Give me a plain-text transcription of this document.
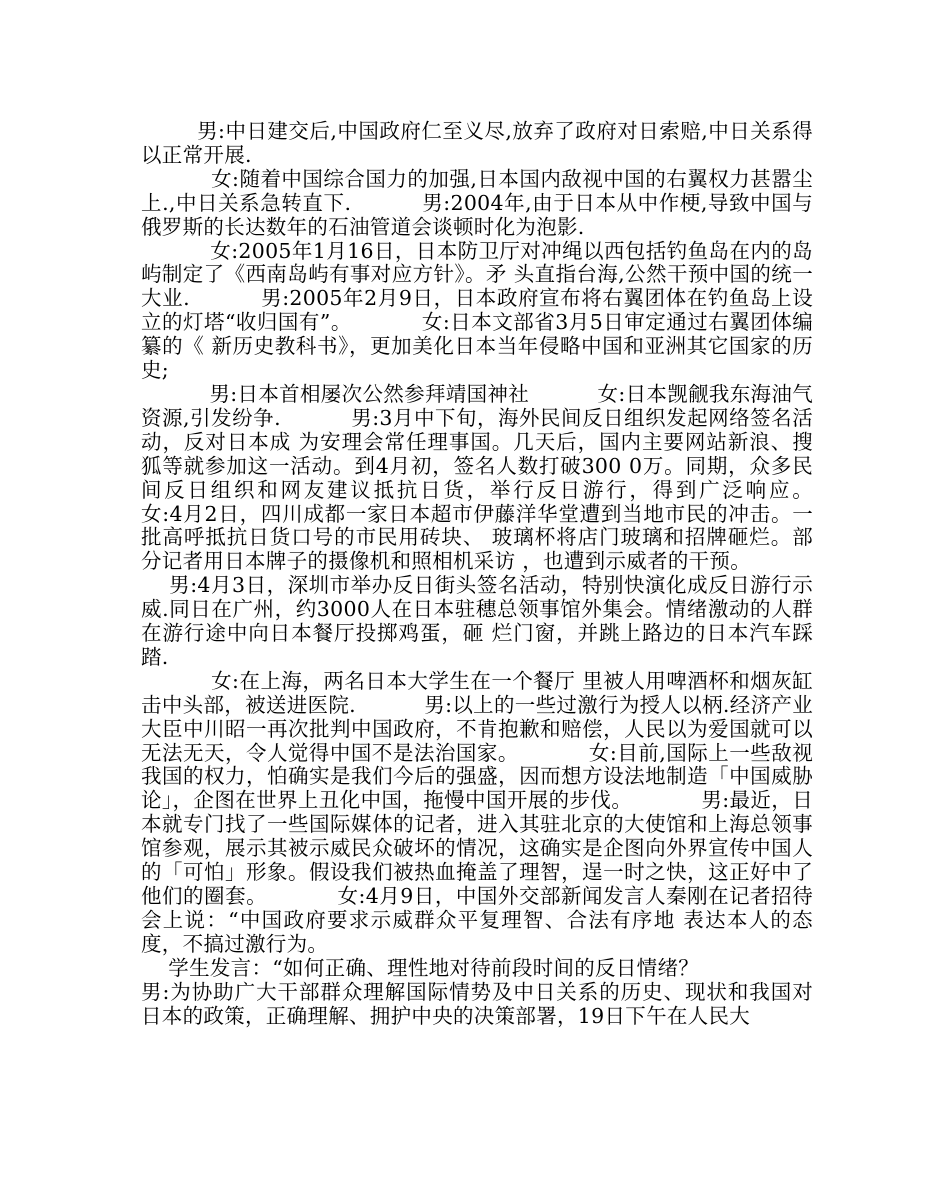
男:中日建交后,中国政府仁至义尽,放弃了政府对日索赔,中日关系得以正常开展.

女:随着中国综合国力的加强,日本国内敌视中国的右翼权力甚嚣尘上.,中日关系急转直下.          男:2004年,由于日本从中作梗,导致中国与俄罗斯的长达数年的石油管道会谈顿时化为泡影.

女:2005年1月16日，日本防卫厅对冲绳以西包括钓鱼岛在内的岛屿制定了《西南岛屿有事对应方针》。矛 头直指台海,公然干预中国的统一大业.          男:2005年2月9日，日本政府宣布将右翼团体在钓鱼岛上设立的灯塔“收归国有”。          女:日本文部省3月5日审定通过右翼团体编纂的《 新历史教科书》，更加美化日本当年侵略中国和亚洲其它国家的历史;

男:日本首相屡次公然参拜靖国神社          女:日本觊觎我东海油气资源,引发纷争.          男:3月中下旬，海外民间反日组织发起网络签名活动，反对日本成 为安理会常任理事国。几天后，国内主要网站新浪、搜狐等就参加这一活动。到4月初，签名人数打破300 0万。同期，众多民间反日组织和网友建议抵抗日货，举行反日游行，得到广泛响应。          女:4月2日，四川成都一家日本超市伊藤洋华堂遭到当地市民的冲击。一批高呼抵抗日货口号的市民用砖块、 玻璃杯将店门玻璃和招牌砸烂。部分记者用日本牌子的摄像机和照相机采访 ，也遭到示威者的干预。

男:4月3日，深圳市举办反日街头签名活动，特别快演化成反日游行示威.同日在广州，约3000人在日本驻穗总领事馆外集会。情绪激动的人群在游行途中向日本餐厅投掷鸡蛋，砸 烂门窗，并跳上路边的日本汽车踩踏.

女:在上海，两名日本大学生在一个餐厅 里被人用啤酒杯和烟灰缸击中头部，被送进医院.          男:以上的一些过激行为授人以柄.经济产业大臣中川昭一再次批判中国政府，不肯抱歉和赔偿，人民以为爱国就可以无法无天，令人觉得中国不是法治国家。          女:目前,国际上一些敌视我国的权力，怕确实是我们今后的强盛，因而想方设法地制造「中国威胁论」，企图在世界上丑化中国，拖慢中国开展的步伐。          男:最近，日本就专门找了一些国际媒体的记者，进入其驻北京的大使馆和上海总领事馆参观，展示其被示威民众破坏的情况，这确实是企图向外界宣传中国人的「可怕」形象。假设我们被热血掩盖了理智，逞一时之快，这正好中了他们的圈套。          女:4月9日，中国外交部新闻发言人秦刚在记者招待会上说：“中国政府要求示威群众平复理智、合法有序地 表达本人的态度，不搞过激行为。

学生发言：“如何正确、理性地对待前段时间的反日情绪？

男:为协助广大干部群众理解国际情势及中日关系的历史、现状和我国对日本的政策，正确理解、拥护中央的决策部署，19日下午在人民大
